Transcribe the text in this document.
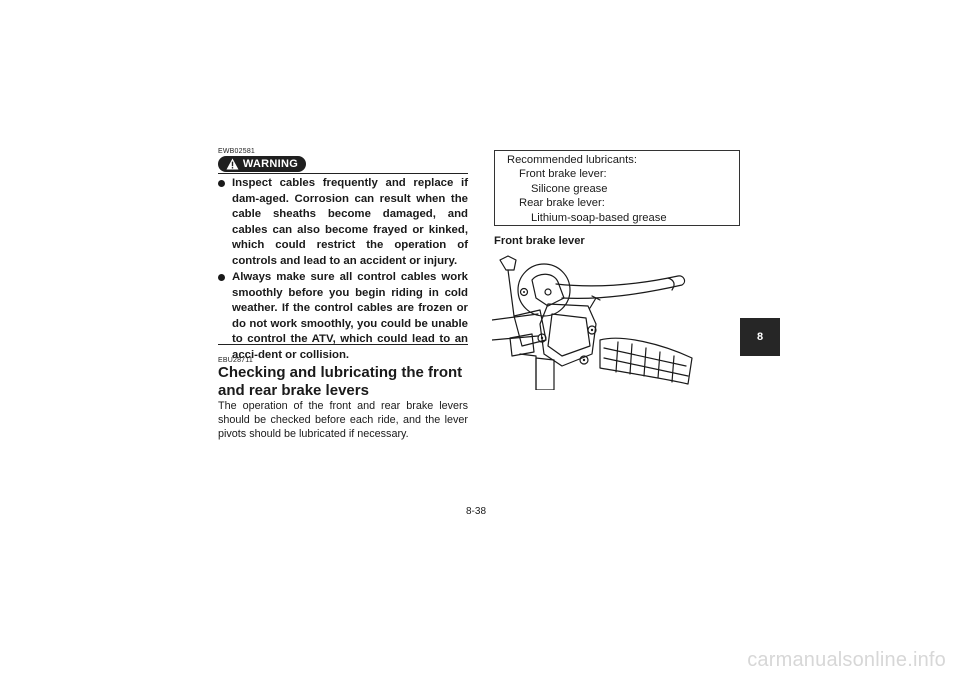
EWB02581
WARNING
Inspect cables frequently and replace if dam-aged. Corrosion can result when the cable sheaths become damaged, and cables can also become frayed or kinked, which could restrict the operation of controls and lead to an accident or injury.
Always make sure all control cables work smoothly before you begin riding in cold weather. If the control cables are frozen or do not work smoothly, you could be unable to control the ATV, which could lead to an acci-dent or collision.
EBU28711
Checking and lubricating the front and rear brake levers
The operation of the front and rear brake levers should be checked before each ride, and the lever pivots should be lubricated if necessary.
Recommended lubricants:
Front brake lever:
Silicone grease
Rear brake lever:
Lithium-soap-based grease
Front brake lever
8
8-38
carmanualsonline.info
